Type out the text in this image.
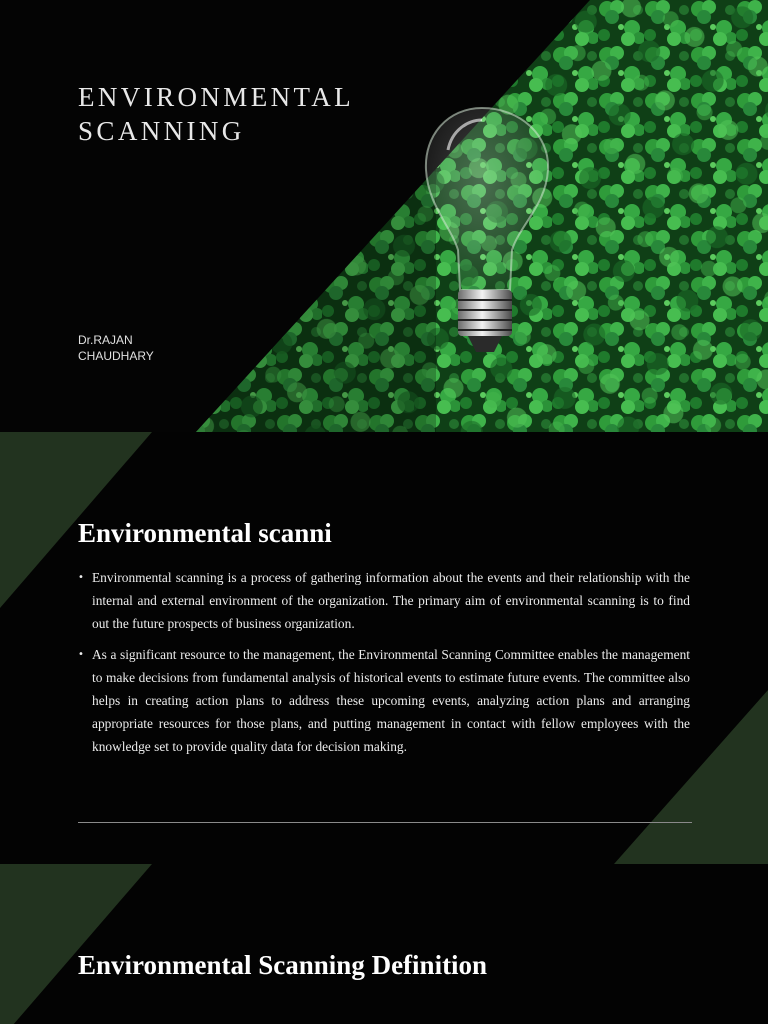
ENVIRONMENTAL
SCANNING
Dr.RAJAN
CHAUDHARY
Environmental scanni
• Environmental scanning is a process of gathering information about the events and their relationship with the internal and external environment of the organization. The primary aim of environmental scanning is to find out the future prospects of business organization.
• As a significant resource to the management, the Environmental Scanning Committee enables the management to make decisions from fundamental analysis of historical events to estimate future events. The committee also helps in creating action plans to address these upcoming events, analyzing action plans and arranging appropriate resources for those plans, and putting management in contact with fellow employees with the knowledge set to provide quality data for decision making.
Environmental Scanning Definition
